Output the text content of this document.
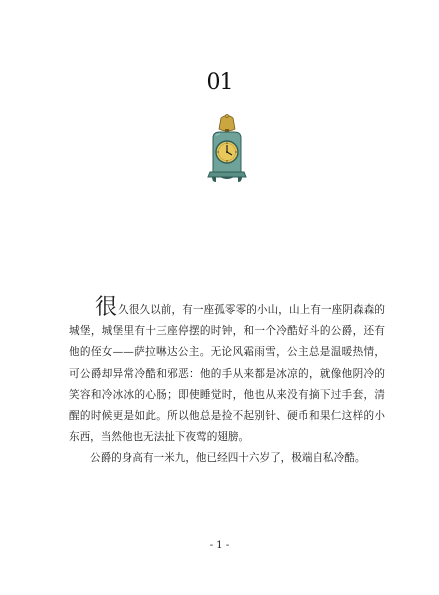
01

很久很久以前，有一座孤零零的小山，山上有一座阴森森的城堡，城堡里有十三座停摆的时钟，和一个冷酷好斗的公爵，还有他的侄女——萨拉啉达公主。无论风霜雨雪，公主总是温暖热情，可公爵却异常冷酷和邪恶：他的手从来都是冰凉的，就像他阴冷的笑容和冷冰冰的心肠；即使睡觉时，他也从来没有摘下过手套，清醒的时候更是如此。所以他总是捡不起别针、硬币和果仁这样的小东西，当然他也无法扯下夜莺的翅膀。

公爵的身高有一米九，他已经四十六岁了，极端自私冷酷。

- 1 -
